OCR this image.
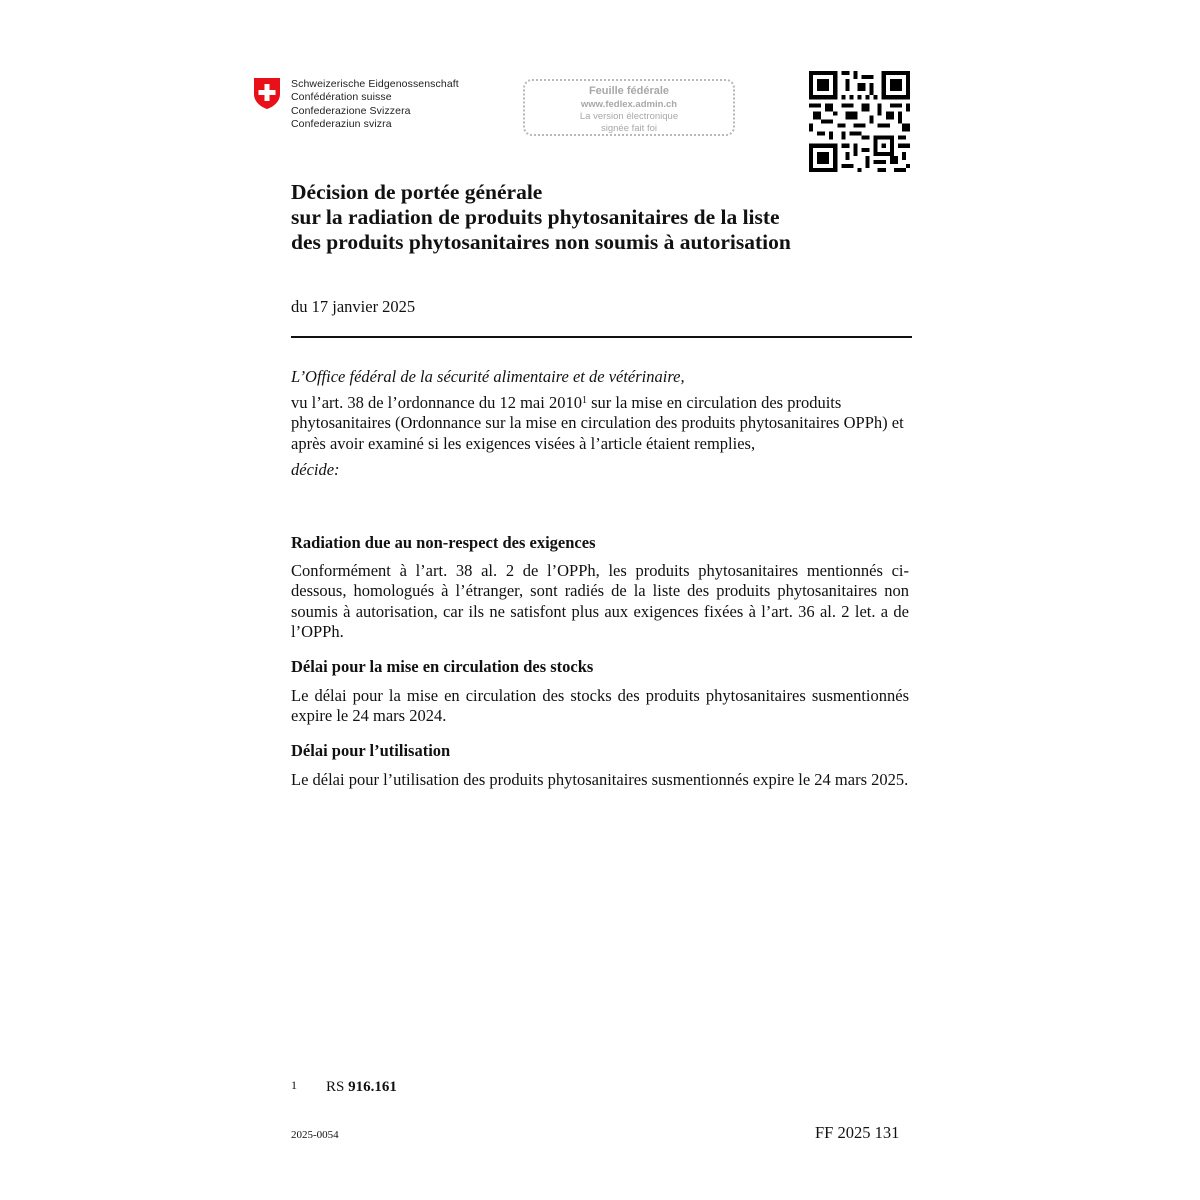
Schweizerische Eidgenossenschaft
Confédération suisse
Confederazione Svizzera
Confederaziun svizra
Feuille fédérale
www.fedlex.admin.ch
La version électronique
signée fait foi
Décision de portée générale
sur la radiation de produits phytosanitaires de la liste
des produits phytosanitaires non soumis à autorisation
du 17 janvier 2025
L’Office fédéral de la sécurité alimentaire et de vétérinaire,
vu l’art. 38 de l’ordonnance du 12 mai 2010$^1$ sur la mise en circulation des produits phytosanitaires (Ordonnance sur la mise en circulation des produits phytosanitaires OPPh) et après avoir examiné si les exigences visées à l’article étaient remplies,
décide:
Radiation due au non-respect des exigences
Conformément à l’art. 38 al. 2 de l’OPPh, les produits phytosanitaires mentionnés ci-dessous, homologués à l’étranger, sont radiés de la liste des produits phytosanitaires non soumis à autorisation, car ils ne satisfont plus aux exigences fixées à l’art. 36 al. 2 let. a de l’OPPh.
Délai pour la mise en circulation des stocks
Le délai pour la mise en circulation des stocks des produits phytosanitaires susmentionnés expire le 24 mars 2024.
Délai pour l’utilisation
Le délai pour l’utilisation des produits phytosanitaires susmentionnés expire le 24 mars 2025.
1 RS 916.161
2025-0054	FF 2025 131
